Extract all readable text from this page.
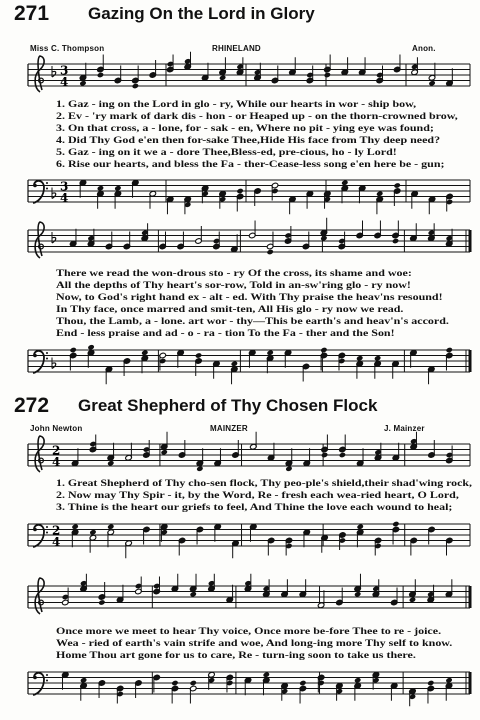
271 Gazing On the Lord in Glory
Miss C. Thompson	RHINELAND	Anon.
3
4
1. Gaz - ing on the Lord in glo - ry, While our hearts in wor - ship bow,
2. Ev - 'ry mark of dark dis - hon - or Heaped up - on the thorn-crowned brow,
3. On that cross, a - lone, for - sak - en, Where no pit - ying eye was found;
4. Did Thy God e'en then for-sake Thee,Hide His face from Thy deep need?
5. Gaz - ing on it we a - dore Thee,Bless-ed, pre-cious, ho - ly Lord!
6. Rise our hearts, and bless the Fa - ther-Cease-less song e'en here be - gun;
3
4
There we read the won-drous sto - ry Of the cross, its shame and woe:
All the depths of Thy heart's sor-row, Told in an-sw'ring glo - ry now!
Now, to God's right hand ex - alt - ed. With Thy praise the heav'ns resound!
In Thy face, once marred and smit-ten, All His glo - ry now we read.
Thou, the Lamb, a - lone. art wor - thy—This be earth's and heav'n's accord.
End - less praise and ad - o - ra - tion To the Fa - ther and the Son!
272 Great Shepherd of Thy Chosen Flock
John Newton	MAINZER	J. Mainzer
2
4
1. Great Shepherd of Thy cho-sen flock, Thy peo-ple's shield,their shad'wing rock,
2. Now may Thy Spir - it, by the Word, Re - fresh each wea-ried heart, O Lord,
3. Thine is the heart our griefs to feel, And Thine the love each wound to heal;
2
4
Once more we meet to hear Thy voice, Once more be-fore Thee to re - joice.
Wea - ried of earth's vain strife and woe, And long-ing more Thy self to know.
Home Thou art gone for us to care, Re - turn-ing soon to take us there.
